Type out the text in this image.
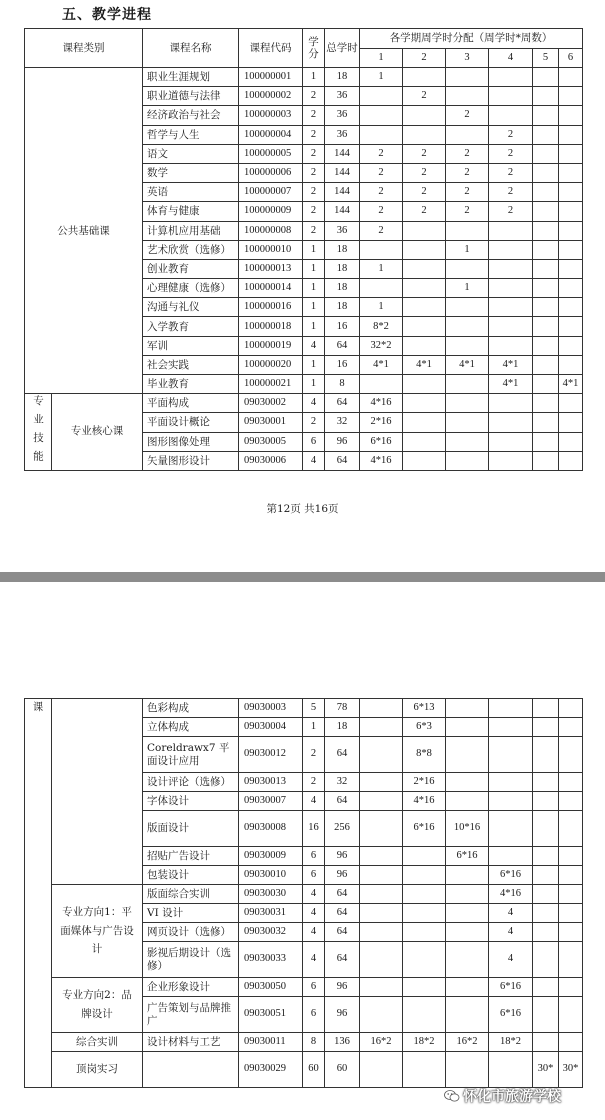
五、教学进程
课程类别		课程名称	课程代码	学分	总学时	各学期周学时分配（周学时*周数）					
						1	2	3	4	5	6
公共基础课		职业生涯规划	100000001	1	18	1					
		职业道德与法律	100000002	2	36		2				
		经济政治与社会	100000003	2	36			2			
		哲学与人生	100000004	2	36				2		
		语文	100000005	2	144	2	2	2	2		
		数学	100000006	2	144	2	2	2	2		
		英语	100000007	2	144	2	2	2	2		
		体育与健康	100000009	2	144	2	2	2	2		
		计算机应用基础	100000008	2	36	2					
		艺术欣赏（选修）	100000010	1	18			1			
		创业教育	100000013	1	18	1					
		心理健康（选修）	100000014	1	18			1			
		沟通与礼仪	100000016	1	18	1					
		入学教育	100000018	1	16	8*2					
		军训	100000019	4	64	32*2					
		社会实践	100000020	1	16	4*1	4*1	4*1	4*1		
		毕业教育	100000021	1	8				4*1		4*1
专业技能	专业核心课	平面构成	09030002	4	64	4*16					
		平面设计概论	09030001	2	32	2*16					
		图形图像处理	09030005	6	96	6*16					
		矢量图形设计	09030006	4	64	4*16					
第12页 共16页
课		色彩构成	09030003	5	78		6*13				
		立体构成	09030004	1	18		6*3				
		Coreldrawx7 平面设计应用	09030012	2	64		8*8				
		设计评论（选修）	09030013	2	32		2*16				
		字体设计	09030007	4	64		4*16				
		版面设计	09030008	16	256		6*16	10*16			
		招贴广告设计	09030009	6	96			6*16			
		包装设计	09030010	6	96				6*16		
	专业方向1：平面媒体与广告设计	版面综合实训	09030030	4	64				4*16		
		VI 设计	09030031	4	64				4		
		网页设计（选修）	09030032	4	64				4		
		影视后期设计（选修）	09030033	4	64				4		
	专业方向2：品牌设计	企业形象设计	09030050	6	96				6*16		
		广告策划与品牌推广	09030051	6	96				6*16		
	综合实训	设计材料与工艺	09030011	8	136	16*2	18*2	16*2	18*2		
	顶岗实习		09030029	60	60					30*	30*
怀化市旅游学校
